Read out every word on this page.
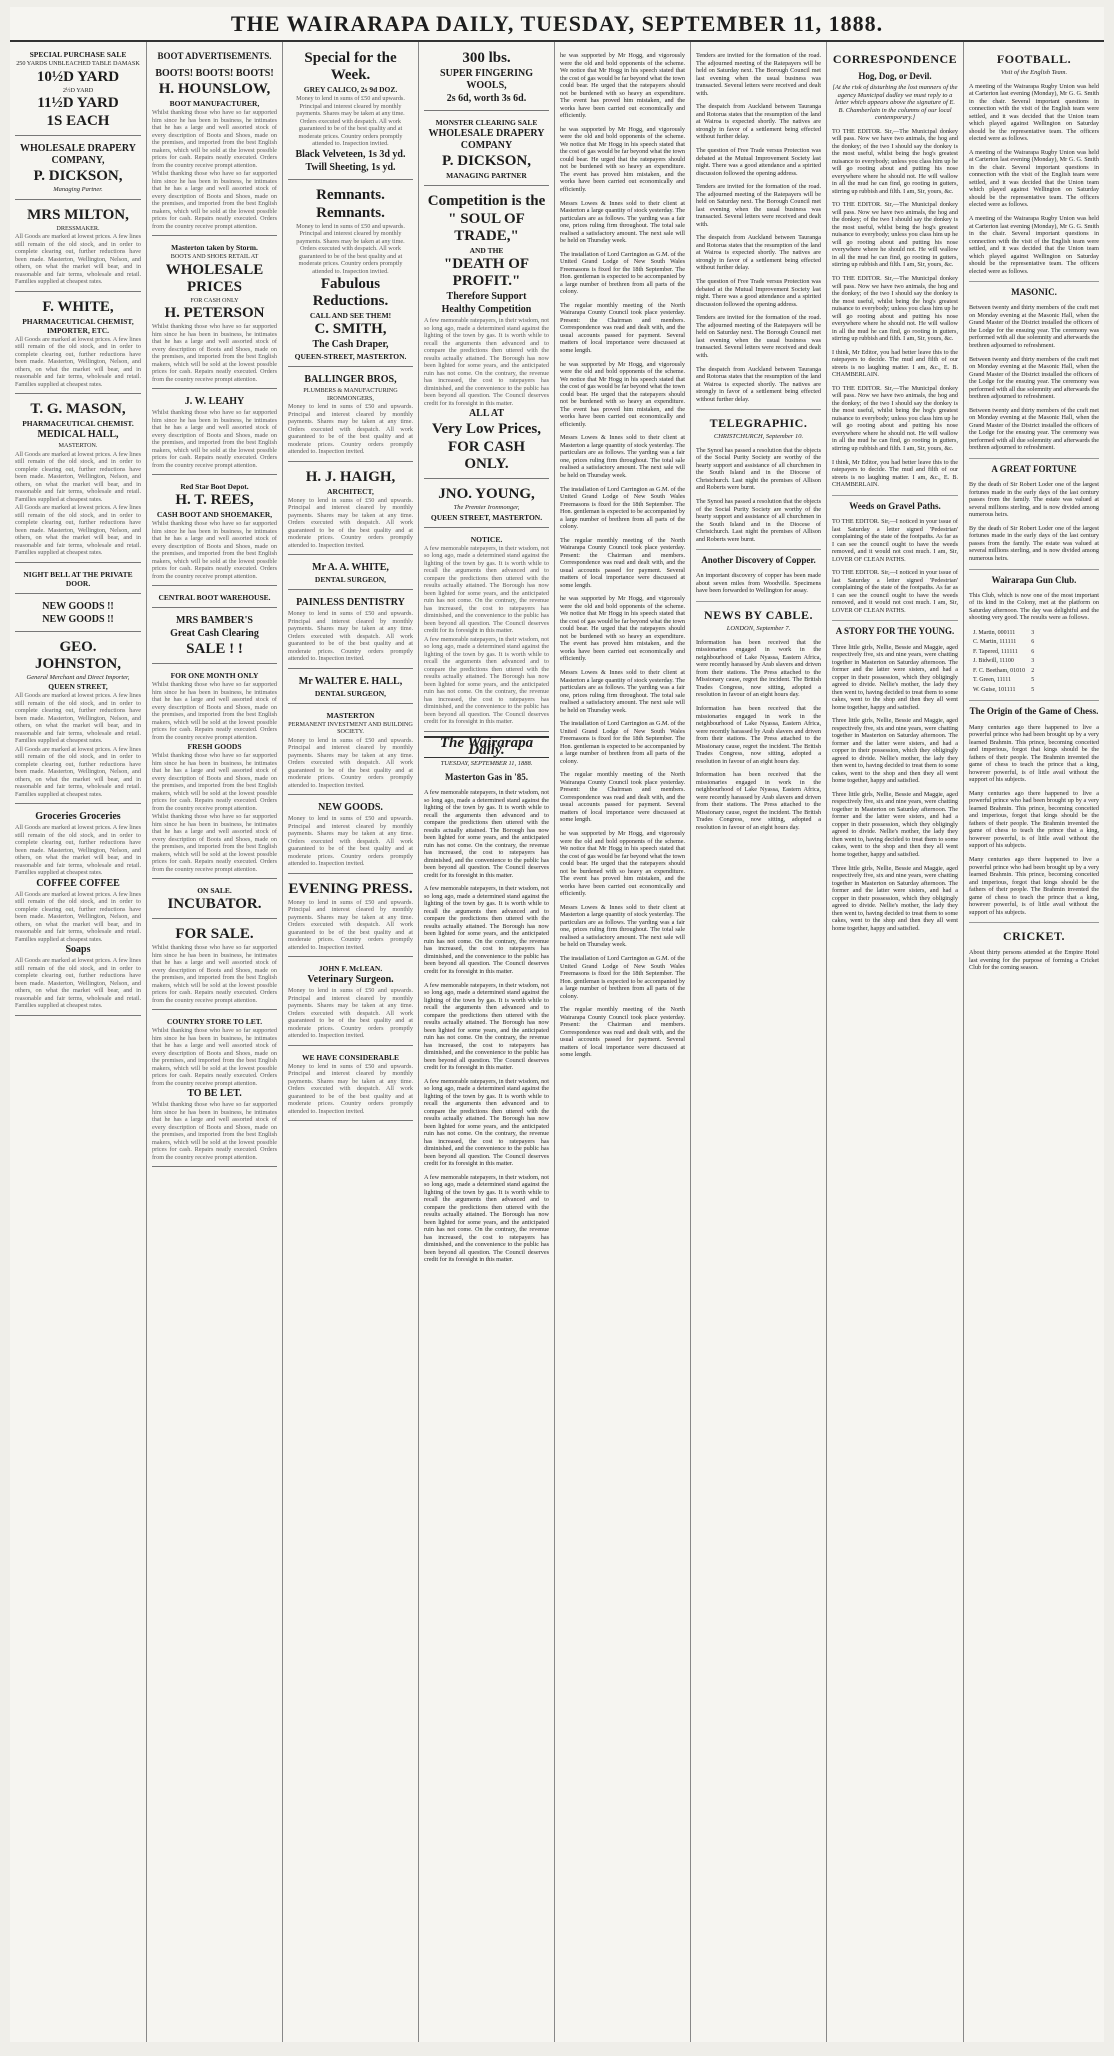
THE WAIRARAPA DAILY, TUESDAY, SEPTEMBER 11, 1888.

SPECIAL PURCHASE SALE

250 YARDS UNBLEACHED TABLE DAMASK

10½D YARD

2½D YARD

11½D YARD

1S EACH

WHOLESALE DRAPERY COMPANY,

P. DICKSON,

Managing Partner.

MRS MILTON,

DRESSMAKER.

All Goods are marked at lowest prices. A few lines still remain of the old stock, and in order to complete clearing out, further reductions have been made. Masterton, Wellington, Nelson, and others, on what the market will bear, and in reasonable and fair terms, wholesale and retail. Families supplied at cheapest rates.

F. WHITE,

PHARMACEUTICAL CHEMIST, IMPORTER, ETC.

All Goods are marked at lowest prices. A few lines still remain of the old stock, and in order to complete clearing out, further reductions have been made. Masterton, Wellington, Nelson, and others, on what the market will bear, and in reasonable and fair terms, wholesale and retail. Families supplied at cheapest rates.

T. G. MASON,

PHARMACEUTICAL CHEMIST.

MEDICAL HALL,

MASTERTON.

All Goods are marked at lowest prices. A few lines still remain of the old stock, and in order to complete clearing out, further reductions have been made. Masterton, Wellington, Nelson, and others, on what the market will bear, and in reasonable and fair terms, wholesale and retail. Families supplied at cheapest rates.

All Goods are marked at lowest prices. A few lines still remain of the old stock, and in order to complete clearing out, further reductions have been made. Masterton, Wellington, Nelson, and others, on what the market will bear, and in reasonable and fair terms, wholesale and retail. Families supplied at cheapest rates.

NIGHT BELL AT THE PRIVATE DOOR.

NEW GOODS !!

NEW GOODS !!

GEO. JOHNSTON,

General Merchant and Direct Importer,

QUEEN STREET,

All Goods are marked at lowest prices. A few lines still remain of the old stock, and in order to complete clearing out, further reductions have been made. Masterton, Wellington, Nelson, and others, on what the market will bear, and in reasonable and fair terms, wholesale and retail. Families supplied at cheapest rates.

All Goods are marked at lowest prices. A few lines still remain of the old stock, and in order to complete clearing out, further reductions have been made. Masterton, Wellington, Nelson, and others, on what the market will bear, and in reasonable and fair terms, wholesale and retail. Families supplied at cheapest rates.

Groceries Groceries

All Goods are marked at lowest prices. A few lines still remain of the old stock, and in order to complete clearing out, further reductions have been made. Masterton, Wellington, Nelson, and others, on what the market will bear, and in reasonable and fair terms, wholesale and retail. Families supplied at cheapest rates.

COFFEE COFFEE

All Goods are marked at lowest prices. A few lines still remain of the old stock, and in order to complete clearing out, further reductions have been made. Masterton, Wellington, Nelson, and others, on what the market will bear, and in reasonable and fair terms, wholesale and retail. Families supplied at cheapest rates.

Soaps

All Goods are marked at lowest prices. A few lines still remain of the old stock, and in order to complete clearing out, further reductions have been made. Masterton, Wellington, Nelson, and others, on what the market will bear, and in reasonable and fair terms, wholesale and retail. Families supplied at cheapest rates.

BOOT ADVERTISEMENTS.

BOOTS! BOOTS! BOOTS!

H. HOUNSLOW,

BOOT MANUFACTURER,

Whilst thanking those who have so far supported him since he has been in business, he intimates that he has a large and well assorted stock of every description of Boots and Shoes, made on the premises, and imported from the best English makers, which will be sold at the lowest possible prices for cash. Repairs neatly executed. Orders from the country receive prompt attention.

Whilst thanking those who have so far supported him since he has been in business, he intimates that he has a large and well assorted stock of every description of Boots and Shoes, made on the premises, and imported from the best English makers, which will be sold at the lowest possible prices for cash. Repairs neatly executed. Orders from the country receive prompt attention.

Masterton taken by Storm.

BOOTS AND SHOES RETAIL AT

WHOLESALE PRICES

FOR CASH ONLY

H. PETERSON

Whilst thanking those who have so far supported him since he has been in business, he intimates that he has a large and well assorted stock of every description of Boots and Shoes, made on the premises, and imported from the best English makers, which will be sold at the lowest possible prices for cash. Repairs neatly executed. Orders from the country receive prompt attention.

J. W. LEAHY

Whilst thanking those who have so far supported him since he has been in business, he intimates that he has a large and well assorted stock of every description of Boots and Shoes, made on the premises, and imported from the best English makers, which will be sold at the lowest possible prices for cash. Repairs neatly executed. Orders from the country receive prompt attention.

Red Star Boot Depot.

H. T. REES,

CASH BOOT AND SHOEMAKER,

Whilst thanking those who have so far supported him since he has been in business, he intimates that he has a large and well assorted stock of every description of Boots and Shoes, made on the premises, and imported from the best English makers, which will be sold at the lowest possible prices for cash. Repairs neatly executed. Orders from the country receive prompt attention.

CENTRAL BOOT WAREHOUSE.

MRS BAMBER'S

Great Cash Clearing

SALE ! !

FOR ONE MONTH ONLY

Whilst thanking those who have so far supported him since he has been in business, he intimates that he has a large and well assorted stock of every description of Boots and Shoes, made on the premises, and imported from the best English makers, which will be sold at the lowest possible prices for cash. Repairs neatly executed. Orders from the country receive prompt attention.

FRESH GOODS

Whilst thanking those who have so far supported him since he has been in business, he intimates that he has a large and well assorted stock of every description of Boots and Shoes, made on the premises, and imported from the best English makers, which will be sold at the lowest possible prices for cash. Repairs neatly executed. Orders from the country receive prompt attention.

Whilst thanking those who have so far supported him since he has been in business, he intimates that he has a large and well assorted stock of every description of Boots and Shoes, made on the premises, and imported from the best English makers, which will be sold at the lowest possible prices for cash. Repairs neatly executed. Orders from the country receive prompt attention.

ON SALE.

INCUBATOR.

FOR SALE.

Whilst thanking those who have so far supported him since he has been in business, he intimates that he has a large and well assorted stock of every description of Boots and Shoes, made on the premises, and imported from the best English makers, which will be sold at the lowest possible prices for cash. Repairs neatly executed. Orders from the country receive prompt attention.

COUNTRY STORE TO LET.

Whilst thanking those who have so far supported him since he has been in business, he intimates that he has a large and well assorted stock of every description of Boots and Shoes, made on the premises, and imported from the best English makers, which will be sold at the lowest possible prices for cash. Repairs neatly executed. Orders from the country receive prompt attention.

TO BE LET.

Whilst thanking those who have so far supported him since he has been in business, he intimates that he has a large and well assorted stock of every description of Boots and Shoes, made on the premises, and imported from the best English makers, which will be sold at the lowest possible prices for cash. Repairs neatly executed. Orders from the country receive prompt attention.

Special for the Week.

GREY CALICO, 2s 9d DOZ.

Money to lend in sums of £50 and upwards. Principal and interest cleared by monthly payments. Shares may be taken at any time. Orders executed with despatch. All work guaranteed to be of the best quality and at moderate prices. Country orders promptly attended to. Inspection invited.

Black Velveteen, 1s 3d yd.

Twill Sheeting, 1s yd.

Remnants.

Remnants.

Money to lend in sums of £50 and upwards. Principal and interest cleared by monthly payments. Shares may be taken at any time. Orders executed with despatch. All work guaranteed to be of the best quality and at moderate prices. Country orders promptly attended to. Inspection invited.

Fabulous Reductions.

CALL AND SEE THEM!

C. SMITH,

The Cash Draper,

QUEEN-STREET, MASTERTON.

BALLINGER BROS,

PLUMBERS & MANUFACTURING IRONMONGERS,

Money to lend in sums of £50 and upwards. Principal and interest cleared by monthly payments. Shares may be taken at any time. Orders executed with despatch. All work guaranteed to be of the best quality and at moderate prices. Country orders promptly attended to. Inspection invited.

H. J. HAIGH,

ARCHITECT,

Money to lend in sums of £50 and upwards. Principal and interest cleared by monthly payments. Shares may be taken at any time. Orders executed with despatch. All work guaranteed to be of the best quality and at moderate prices. Country orders promptly attended to. Inspection invited.

Mr A. A. WHITE,

DENTAL SURGEON,

PAINLESS DENTISTRY

Money to lend in sums of £50 and upwards. Principal and interest cleared by monthly payments. Shares may be taken at any time. Orders executed with despatch. All work guaranteed to be of the best quality and at moderate prices. Country orders promptly attended to. Inspection invited.

Mr WALTER E. HALL,

DENTAL SURGEON,

MASTERTON

PERMANENT INVESTMENT AND BUILDING SOCIETY.

Money to lend in sums of £50 and upwards. Principal and interest cleared by monthly payments. Shares may be taken at any time. Orders executed with despatch. All work guaranteed to be of the best quality and at moderate prices. Country orders promptly attended to. Inspection invited.

NEW GOODS.

Money to lend in sums of £50 and upwards. Principal and interest cleared by monthly payments. Shares may be taken at any time. Orders executed with despatch. All work guaranteed to be of the best quality and at moderate prices. Country orders promptly attended to. Inspection invited.

EVENING PRESS.

Money to lend in sums of £50 and upwards. Principal and interest cleared by monthly payments. Shares may be taken at any time. Orders executed with despatch. All work guaranteed to be of the best quality and at moderate prices. Country orders promptly attended to. Inspection invited.

JOHN F. McLEAN.

Veterinary Surgeon.

Money to lend in sums of £50 and upwards. Principal and interest cleared by monthly payments. Shares may be taken at any time. Orders executed with despatch. All work guaranteed to be of the best quality and at moderate prices. Country orders promptly attended to. Inspection invited.

WE HAVE CONSIDERABLE

Money to lend in sums of £50 and upwards. Principal and interest cleared by monthly payments. Shares may be taken at any time. Orders executed with despatch. All work guaranteed to be of the best quality and at moderate prices. Country orders promptly attended to. Inspection invited.

300 lbs.

SUPER FINGERING WOOLS,

2s 6d, worth 3s 6d.

MONSTER CLEARING SALE

WHOLESALE DRAPERY COMPANY

P. DICKSON,

MANAGING PARTNER

Competition is the

" SOUL OF TRADE,"

AND THE

"DEATH OF PROFIT."

Therefore Support

Healthy Competition

A few memorable ratepayers, in their wisdom, not so long ago, made a determined stand against the lighting of the town by gas. It is worth while to recall the arguments then advanced and to compare the predictions then uttered with the results actually attained. The Borough has now been lighted for some years, and the anticipated ruin has not come. On the contrary, the revenue has increased, the cost to ratepayers has diminished, and the convenience to the public has been beyond all question. The Council deserves credit for its foresight in this matter.

ALL AT

Very Low Prices,

FOR CASH ONLY.

JNO. YOUNG,

The Premier Ironmonger,

QUEEN STREET, MASTERTON.

NOTICE.

A few memorable ratepayers, in their wisdom, not so long ago, made a determined stand against the lighting of the town by gas. It is worth while to recall the arguments then advanced and to compare the predictions then uttered with the results actually attained. The Borough has now been lighted for some years, and the anticipated ruin has not come. On the contrary, the revenue has increased, the cost to ratepayers has diminished, and the convenience to the public has been beyond all question. The Council deserves credit for its foresight in this matter.

A few memorable ratepayers, in their wisdom, not so long ago, made a determined stand against the lighting of the town by gas. It is worth while to recall the arguments then advanced and to compare the predictions then uttered with the results actually attained. The Borough has now been lighted for some years, and the anticipated ruin has not come. On the contrary, the revenue has increased, the cost to ratepayers has diminished, and the convenience to the public has been beyond all question. The Council deserves credit for its foresight in this matter.

The Wairarapa Daily.
TUESDAY, SEPTEMBER 11, 1888.
Masterton Gas in '85.

A few memorable ratepayers, in their wisdom, not so long ago, made a determined stand against the lighting of the town by gas. It is worth while to recall the arguments then advanced and to compare the predictions then uttered with the results actually attained. The Borough has now been lighted for some years, and the anticipated ruin has not come. On the contrary, the revenue has increased, the cost to ratepayers has diminished, and the convenience to the public has been beyond all question. The Council deserves credit for its foresight in this matter.

A few memorable ratepayers, in their wisdom, not so long ago, made a determined stand against the lighting of the town by gas. It is worth while to recall the arguments then advanced and to compare the predictions then uttered with the results actually attained. The Borough has now been lighted for some years, and the anticipated ruin has not come. On the contrary, the revenue has increased, the cost to ratepayers has diminished, and the convenience to the public has been beyond all question. The Council deserves credit for its foresight in this matter.

A few memorable ratepayers, in their wisdom, not so long ago, made a determined stand against the lighting of the town by gas. It is worth while to recall the arguments then advanced and to compare the predictions then uttered with the results actually attained. The Borough has now been lighted for some years, and the anticipated ruin has not come. On the contrary, the revenue has increased, the cost to ratepayers has diminished, and the convenience to the public has been beyond all question. The Council deserves credit for its foresight in this matter.

A few memorable ratepayers, in their wisdom, not so long ago, made a determined stand against the lighting of the town by gas. It is worth while to recall the arguments then advanced and to compare the predictions then uttered with the results actually attained. The Borough has now been lighted for some years, and the anticipated ruin has not come. On the contrary, the revenue has increased, the cost to ratepayers has diminished, and the convenience to the public has been beyond all question. The Council deserves credit for its foresight in this matter.

A few memorable ratepayers, in their wisdom, not so long ago, made a determined stand against the lighting of the town by gas. It is worth while to recall the arguments then advanced and to compare the predictions then uttered with the results actually attained. The Borough has now been lighted for some years, and the anticipated ruin has not come. On the contrary, the revenue has increased, the cost to ratepayers has diminished, and the convenience to the public has been beyond all question. The Council deserves credit for its foresight in this matter.

he was supported by Mr Hogg, and vigorously were the old and bold opponents of the scheme. We notice that Mr Hogg in his speech stated that the cost of gas would be far beyond what the town could bear. He urged that the ratepayers should not be burdened with so heavy an expenditure. The event has proved him mistaken, and the works have been carried out economically and efficiently.

he was supported by Mr Hogg, and vigorously were the old and bold opponents of the scheme. We notice that Mr Hogg in his speech stated that the cost of gas would be far beyond what the town could bear. He urged that the ratepayers should not be burdened with so heavy an expenditure. The event has proved him mistaken, and the works have been carried out economically and efficiently.

Messrs Lowes & Innes sold to their client at Masterton a large quantity of stock yesterday. The particulars are as follows. The yarding was a fair one, prices ruling firm throughout. The total sale realised a satisfactory amount. The next sale will be held on Thursday week.

The installation of Lord Carrington as G.M. of the United Grand Lodge of New South Wales Freemasons is fixed for the 18th September. The Hon. gentleman is expected to be accompanied by a large number of brethren from all parts of the colony.

The regular monthly meeting of the North Wairarapa County Council took place yesterday. Present: the Chairman and members. Correspondence was read and dealt with, and the usual accounts passed for payment. Several matters of local importance were discussed at some length.

he was supported by Mr Hogg, and vigorously were the old and bold opponents of the scheme. We notice that Mr Hogg in his speech stated that the cost of gas would be far beyond what the town could bear. He urged that the ratepayers should not be burdened with so heavy an expenditure. The event has proved him mistaken, and the works have been carried out economically and efficiently.

Messrs Lowes & Innes sold to their client at Masterton a large quantity of stock yesterday. The particulars are as follows. The yarding was a fair one, prices ruling firm throughout. The total sale realised a satisfactory amount. The next sale will be held on Thursday week.

The installation of Lord Carrington as G.M. of the United Grand Lodge of New South Wales Freemasons is fixed for the 18th September. The Hon. gentleman is expected to be accompanied by a large number of brethren from all parts of the colony.

The regular monthly meeting of the North Wairarapa County Council took place yesterday. Present: the Chairman and members. Correspondence was read and dealt with, and the usual accounts passed for payment. Several matters of local importance were discussed at some length.

he was supported by Mr Hogg, and vigorously were the old and bold opponents of the scheme. We notice that Mr Hogg in his speech stated that the cost of gas would be far beyond what the town could bear. He urged that the ratepayers should not be burdened with so heavy an expenditure. The event has proved him mistaken, and the works have been carried out economically and efficiently.

Messrs Lowes & Innes sold to their client at Masterton a large quantity of stock yesterday. The particulars are as follows. The yarding was a fair one, prices ruling firm throughout. The total sale realised a satisfactory amount. The next sale will be held on Thursday week.

The installation of Lord Carrington as G.M. of the United Grand Lodge of New South Wales Freemasons is fixed for the 18th September. The Hon. gentleman is expected to be accompanied by a large number of brethren from all parts of the colony.

The regular monthly meeting of the North Wairarapa County Council took place yesterday. Present: the Chairman and members. Correspondence was read and dealt with, and the usual accounts passed for payment. Several matters of local importance were discussed at some length.

he was supported by Mr Hogg, and vigorously were the old and bold opponents of the scheme. We notice that Mr Hogg in his speech stated that the cost of gas would be far beyond what the town could bear. He urged that the ratepayers should not be burdened with so heavy an expenditure. The event has proved him mistaken, and the works have been carried out economically and efficiently.

Messrs Lowes & Innes sold to their client at Masterton a large quantity of stock yesterday. The particulars are as follows. The yarding was a fair one, prices ruling firm throughout. The total sale realised a satisfactory amount. The next sale will be held on Thursday week.

The installation of Lord Carrington as G.M. of the United Grand Lodge of New South Wales Freemasons is fixed for the 18th September. The Hon. gentleman is expected to be accompanied by a large number of brethren from all parts of the colony.

The regular monthly meeting of the North Wairarapa County Council took place yesterday. Present: the Chairman and members. Correspondence was read and dealt with, and the usual accounts passed for payment. Several matters of local importance were discussed at some length.

Tenders are invited for the formation of the road. The adjourned meeting of the Ratepayers will be held on Saturday next. The Borough Council met last evening when the usual business was transacted. Several letters were received and dealt with.

The despatch from Auckland between Tauranga and Rotorua states that the resumption of the land at Wairoa is expected shortly. The natives are strongly in favor of a settlement being effected without further delay.

The question of Free Trade versus Protection was debated at the Mutual Improvement Society last night. There was a good attendance and a spirited discussion followed the opening address.

Tenders are invited for the formation of the road. The adjourned meeting of the Ratepayers will be held on Saturday next. The Borough Council met last evening when the usual business was transacted. Several letters were received and dealt with.

The despatch from Auckland between Tauranga and Rotorua states that the resumption of the land at Wairoa is expected shortly. The natives are strongly in favor of a settlement being effected without further delay.

The question of Free Trade versus Protection was debated at the Mutual Improvement Society last night. There was a good attendance and a spirited discussion followed the opening address.

Tenders are invited for the formation of the road. The adjourned meeting of the Ratepayers will be held on Saturday next. The Borough Council met last evening when the usual business was transacted. Several letters were received and dealt with.

The despatch from Auckland between Tauranga and Rotorua states that the resumption of the land at Wairoa is expected shortly. The natives are strongly in favor of a settlement being effected without further delay.

TELEGRAPHIC.

CHRISTCHURCH, September 10.

The Synod has passed a resolution that the objects of the Social Purity Society are worthy of the hearty support and assistance of all churchmen in the South Island and in the Diocese of Christchurch. Last night the premises of Allison and Roberts were burnt.

The Synod has passed a resolution that the objects of the Social Purity Society are worthy of the hearty support and assistance of all churchmen in the South Island and in the Diocese of Christchurch. Last night the premises of Allison and Roberts were burnt.

Another Discovery of Copper.

An important discovery of copper has been made about seven miles from Woodville. Specimens have been forwarded to Wellington for assay.

NEWS BY CABLE.

LONDON, September 7.

Information has been received that the missionaries engaged in work in the neighbourhood of Lake Nyassa, Eastern Africa, were recently harassed by Arab slavers and driven from their stations. The Press attached to the Missionary cause, regret the incident. The British Trades Congress, now sitting, adopted a resolution in favour of an eight hours day.

Information has been received that the missionaries engaged in work in the neighbourhood of Lake Nyassa, Eastern Africa, were recently harassed by Arab slavers and driven from their stations. The Press attached to the Missionary cause, regret the incident. The British Trades Congress, now sitting, adopted a resolution in favour of an eight hours day.

Information has been received that the missionaries engaged in work in the neighbourhood of Lake Nyassa, Eastern Africa, were recently harassed by Arab slavers and driven from their stations. The Press attached to the Missionary cause, regret the incident. The British Trades Congress, now sitting, adopted a resolution in favour of an eight hours day.

CORRESPONDENCE
Hog, Dog, or Devil.

[At the risk of disturbing the lost manners of the agency Municipal dudley we must reply to a letter which appears above the signature of E. B. Chamberlain in the columns of our local contemporary.]

TO THE EDITOR. Sir,—The Municipal donkey will pass. Now we have two animals, the hog and the donkey; of the two I should say the donkey is the most useful, whilst being the hog's greatest nuisance to everybody; unless you class him up he will go rooting about and putting his nose everywhere where he should not. He will wallow in all the mud he can find, go rooting in gutters, stirring up rubbish and filth. I am, Sir, yours, &c.

TO THE EDITOR. Sir,—The Municipal donkey will pass. Now we have two animals, the hog and the donkey; of the two I should say the donkey is the most useful, whilst being the hog's greatest nuisance to everybody; unless you class him up he will go rooting about and putting his nose everywhere where he should not. He will wallow in all the mud he can find, go rooting in gutters, stirring up rubbish and filth. I am, Sir, yours, &c.

TO THE EDITOR. Sir,—The Municipal donkey will pass. Now we have two animals, the hog and the donkey; of the two I should say the donkey is the most useful, whilst being the hog's greatest nuisance to everybody; unless you class him up he will go rooting about and putting his nose everywhere where he should not. He will wallow in all the mud he can find, go rooting in gutters, stirring up rubbish and filth. I am, Sir, yours, &c.

I think, Mr Editor, you had better leave this to the ratepayers to decide. The mud and filth of our streets is no laughing matter. I am, &c., E. B. CHAMBERLAIN.

TO THE EDITOR. Sir,—The Municipal donkey will pass. Now we have two animals, the hog and the donkey; of the two I should say the donkey is the most useful, whilst being the hog's greatest nuisance to everybody; unless you class him up he will go rooting about and putting his nose everywhere where he should not. He will wallow in all the mud he can find, go rooting in gutters, stirring up rubbish and filth. I am, Sir, yours, &c.

I think, Mr Editor, you had better leave this to the ratepayers to decide. The mud and filth of our streets is no laughing matter. I am, &c., E. B. CHAMBERLAIN.

Weeds on Gravel Paths.

TO THE EDITOR. Sir,—I noticed in your issue of last Saturday a letter signed 'Pedestrian' complaining of the state of the footpaths. As far as I can see the council ought to have the weeds removed, and it would not cost much. I am, Sir, LOVER OF CLEAN PATHS.

TO THE EDITOR. Sir,—I noticed in your issue of last Saturday a letter signed 'Pedestrian' complaining of the state of the footpaths. As far as I can see the council ought to have the weeds removed, and it would not cost much. I am, Sir, LOVER OF CLEAN PATHS.

A STORY FOR THE YOUNG.

Three little girls, Nellie, Bessie and Maggie, aged respectively five, six and nine years, were chatting together in Masterton on Saturday afternoon. The former and the latter were sisters, and had a copper in their possession, which they obligingly agreed to divide. Nellie's mother, the lady they then went to, having decided to treat them to some cakes, went to the shop and then they all went home together, happy and satisfied.

Three little girls, Nellie, Bessie and Maggie, aged respectively five, six and nine years, were chatting together in Masterton on Saturday afternoon. The former and the latter were sisters, and had a copper in their possession, which they obligingly agreed to divide. Nellie's mother, the lady they then went to, having decided to treat them to some cakes, went to the shop and then they all went home together, happy and satisfied.

Three little girls, Nellie, Bessie and Maggie, aged respectively five, six and nine years, were chatting together in Masterton on Saturday afternoon. The former and the latter were sisters, and had a copper in their possession, which they obligingly agreed to divide. Nellie's mother, the lady they then went to, having decided to treat them to some cakes, went to the shop and then they all went home together, happy and satisfied.

Three little girls, Nellie, Bessie and Maggie, aged respectively five, six and nine years, were chatting together in Masterton on Saturday afternoon. The former and the latter were sisters, and had a copper in their possession, which they obligingly agreed to divide. Nellie's mother, the lady they then went to, having decided to treat them to some cakes, went to the shop and then they all went home together, happy and satisfied.

FOOTBALL.

Visit of the English Team.

A meeting of the Wairarapa Rugby Union was held at Carterton last evening (Monday), Mr G. G. Smith in the chair. Several important questions in connection with the visit of the English team were settled, and it was decided that the Union team which played against Wellington on Saturday should be the representative team. The officers elected were as follows.

A meeting of the Wairarapa Rugby Union was held at Carterton last evening (Monday), Mr G. G. Smith in the chair. Several important questions in connection with the visit of the English team were settled, and it was decided that the Union team which played against Wellington on Saturday should be the representative team. The officers elected were as follows.

A meeting of the Wairarapa Rugby Union was held at Carterton last evening (Monday), Mr G. G. Smith in the chair. Several important questions in connection with the visit of the English team were settled, and it was decided that the Union team which played against Wellington on Saturday should be the representative team. The officers elected were as follows.

MASONIC.

Between twenty and thirty members of the craft met on Monday evening at the Masonic Hall, when the Grand Master of the District installed the officers of the Lodge for the ensuing year. The ceremony was performed with all due solemnity and afterwards the brethren adjourned to refreshment.

Between twenty and thirty members of the craft met on Monday evening at the Masonic Hall, when the Grand Master of the District installed the officers of the Lodge for the ensuing year. The ceremony was performed with all due solemnity and afterwards the brethren adjourned to refreshment.

Between twenty and thirty members of the craft met on Monday evening at the Masonic Hall, when the Grand Master of the District installed the officers of the Lodge for the ensuing year. The ceremony was performed with all due solemnity and afterwards the brethren adjourned to refreshment.

A GREAT FORTUNE

By the death of Sir Robert Loder one of the largest fortunes made in the early days of the last century passes from the family. The estate was valued at several millions sterling, and is now divided among numerous heirs.

By the death of Sir Robert Loder one of the largest fortunes made in the early days of the last century passes from the family. The estate was valued at several millions sterling, and is now divided among numerous heirs.

Wairarapa Gun Club.

This Club, which is now one of the most important of its kind in the Colony, met at the platform on Saturday afternoon. The day was delightful and the shooting very good. The results were as follows.

J. Martin, 000111	3
C. Martin, 111111	6
F. Tapered, 111111	6
J. Bidwill, 11100	3
F. C. Beetham, 01010	2
T. Green, 11111	5
W. Guise, 101111	5
The Origin of the Game of Chess.

Many centuries ago there happened to live a powerful prince who had been brought up by a very learned Brahmin. This prince, becoming conceited and imperious, forgot that kings should be the fathers of their people. The Brahmin invented the game of chess to teach the prince that a king, however powerful, is of little avail without the support of his subjects.

Many centuries ago there happened to live a powerful prince who had been brought up by a very learned Brahmin. This prince, becoming conceited and imperious, forgot that kings should be the fathers of their people. The Brahmin invented the game of chess to teach the prince that a king, however powerful, is of little avail without the support of his subjects.

Many centuries ago there happened to live a powerful prince who had been brought up by a very learned Brahmin. This prince, becoming conceited and imperious, forgot that kings should be the fathers of their people. The Brahmin invented the game of chess to teach the prince that a king, however powerful, is of little avail without the support of his subjects.

CRICKET.

About thirty persons attended at the Empire Hotel last evening for the purpose of forming a Cricket Club for the coming season.
